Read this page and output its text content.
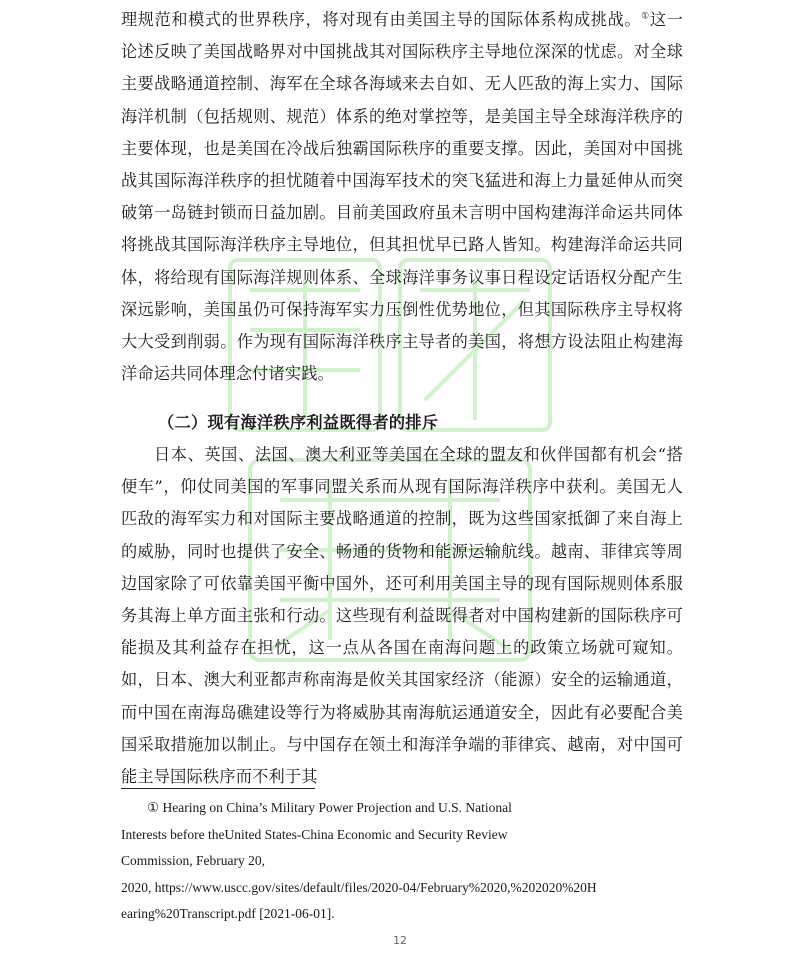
理规范和模式的世界秩序，将对现有由美国主导的国际体系构成挑战。①这一论述反映了美国战略界对中国挑战其对国际秩序主导地位深深的忧虑。对全球主要战略通道控制、海军在全球各海域来去自如、无人匹敌的海上实力、国际海洋机制（包括规则、规范）体系的绝对掌控等，是美国主导全球海洋秩序的主要体现，也是美国在冷战后独霸国际秩序的重要支撑。因此，美国对中国挑战其国际海洋秩序的担忧随着中国海军技术的突飞猛进和海上力量延伸从而突破第一岛链封锁而日益加剧。目前美国政府虽未言明中国构建海洋命运共同体将挑战其国际海洋秩序主导地位，但其担忧早已路人皆知。构建海洋命运共同体，将给现有国际海洋规则体系、全球海洋事务议事日程设定话语权分配产生深远影响，美国虽仍可保持海军实力压倒性优势地位，但其国际秩序主导权将大大受到削弱。作为现有国际海洋秩序主导者的美国，将想方设法阻止构建海洋命运共同体理念付诸实践。

（二）现有海洋秩序利益既得者的排斥

日本、英国、法国、澳大利亚等美国在全球的盟友和伙伴国都有机会“搭便车”，仰仗同美国的军事同盟关系而从现有国际海洋秩序中获利。美国无人匹敌的海军实力和对国际主要战略通道的控制，既为这些国家抵御了来自海上的威胁，同时也提供了安全、畅通的货物和能源运输航线。越南、菲律宾等周边国家除了可依靠美国平衡中国外，还可利用美国主导的现有国际规则体系服务其海上单方面主张和行动。这些现有利益既得者对中国构建新的国际秩序可能损及其利益存在担忧，这一点从各国在南海问题上的政策立场就可窥知。如，日本、澳大利亚都声称南海是攸关其国家经济（能源）安全的运输通道，而中国在南海岛礁建设等行为将威胁其南海航运通道安全，因此有必要配合美国采取措施加以制止。与中国存在领土和海洋争端的菲律宾、越南，对中国可能主导国际秩序而不利于其

① Hearing on China’s Military Power Projection and U.S. National
Interests before theUnited States-China Economic and Security Review
Commission, February 20,
2020, https://www.uscc.gov/sites/default/files/2020-04/February%2020,%202020%20H
earing%20Transcript.pdf [2021-06-01].
12
